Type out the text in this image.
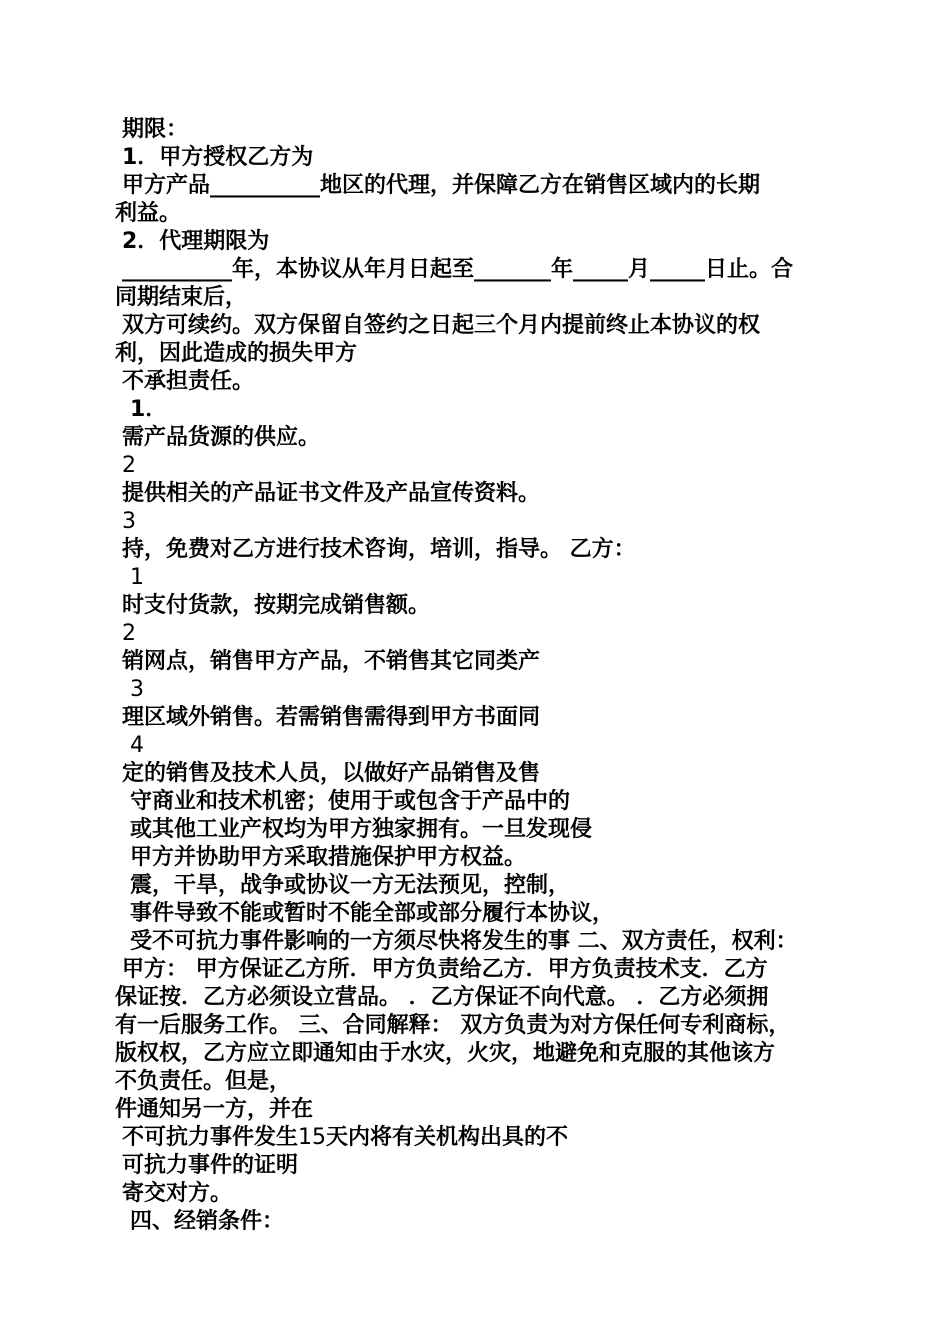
期限：
1．甲方授权乙方为
甲方产品__________地区的代理，并保障乙方在销售区域内的长期
利益。
2．代理期限为
__________年，本协议从年月日起至_______年_____月_____日止。合
同期结束后，
双方可续约。双方保留自签约之日起三个月内提前终止本协议的权
利，因此造成的损失甲方
不承担责任。
1．
需产品货源的供应。
2
提供相关的产品证书文件及产品宣传资料。
3
持，免费对乙方进行技术咨询，培训，指导。 乙方：
1
时支付货款，按期完成销售额。
2
销网点，销售甲方产品，不销售其它同类产
3
理区域外销售。若需销售需得到甲方书面同
4
定的销售及技术人员，以做好产品销售及售
守商业和技术机密；使用于或包含于产品中的
或其他工业产权均为甲方独家拥有。一旦发现侵
甲方并协助甲方采取措施保护甲方权益。
震，干旱，战争或协议一方无法预见，控制，
事件导致不能或暂时不能全部或部分履行本协议，
受不可抗力事件影响的一方须尽快将发生的事 二、双方责任，权利：
甲方： 甲方保证乙方所．甲方负责给乙方．甲方负责技术支．乙方
保证按．乙方必须设立营品。 ．乙方保证不向代意。 ．乙方必须拥
有一后服务工作。 三、合同解释： 双方负责为对方保任何专利商标，
版权权，乙方应立即通知由于水灾，火灾，地避免和克服的其他该方
不负责任。但是，
件通知另一方，并在
不可抗力事件发生15天内将有关机构出具的不
可抗力事件的证明
寄交对方。
四、经销条件：
